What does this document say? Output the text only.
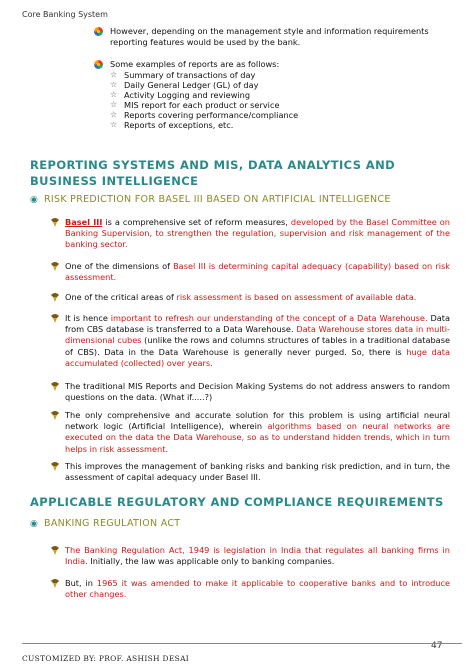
Core Banking System
However, depending on the management style and information requirements reporting features would be used by the bank.
Some examples of reports are as follows:
☆ Summary of transactions of day
☆ Daily General Ledger (GL) of day
☆ Activity Logging and reviewing
☆ MIS report for each product or service
☆ Reports covering performance/compliance
☆ Reports of exceptions, etc.
REPORTING SYSTEMS AND MIS, DATA ANALYTICS AND BUSINESS INTELLIGENCE
◉ RISK PREDICTION FOR BASEL III BASED ON ARTIFICIAL INTELLIGENCE
Basel III is a comprehensive set of reform measures, developed by the Basel Committee on Banking Supervision, to strengthen the regulation, supervision and risk management of the banking sector.
One of the dimensions of Basel III is determining capital adequacy (capability) based on risk assessment.
One of the critical areas of risk assessment is based on assessment of available data.
It is hence important to refresh our understanding of the concept of a Data Warehouse. Data from CBS database is transferred to a Data Warehouse. Data Warehouse stores data in multi-dimensional cubes (unlike the rows and columns structures of tables in a traditional database of CBS). Data in the Data Warehouse is generally never purged. So, there is huge data accumulated (collected) over years.
The traditional MIS Reports and Decision Making Systems do not address answers to random questions on the data. (What if.....?)
The only comprehensive and accurate solution for this problem is using artificial neural network logic (Artificial Intelligence), wherein algorithms based on neural networks are executed on the data the Data Warehouse, so as to understand hidden trends, which in turn helps in risk assessment.
This improves the management of banking risks and banking risk prediction, and in turn, the assessment of capital adequacy under Basel III.
APPLICABLE REGULATORY AND COMPLIANCE REQUIREMENTS
◉ BANKING REGULATION ACT
The Banking Regulation Act, 1949 is legislation in India that regulates all banking firms in India. Initially, the law was applicable only to banking companies.
But, in 1965 it was amended to make it applicable to cooperative banks and to introduce other changes.
47
CUSTOMIZED BY: PROF. ASHISH DESAI
